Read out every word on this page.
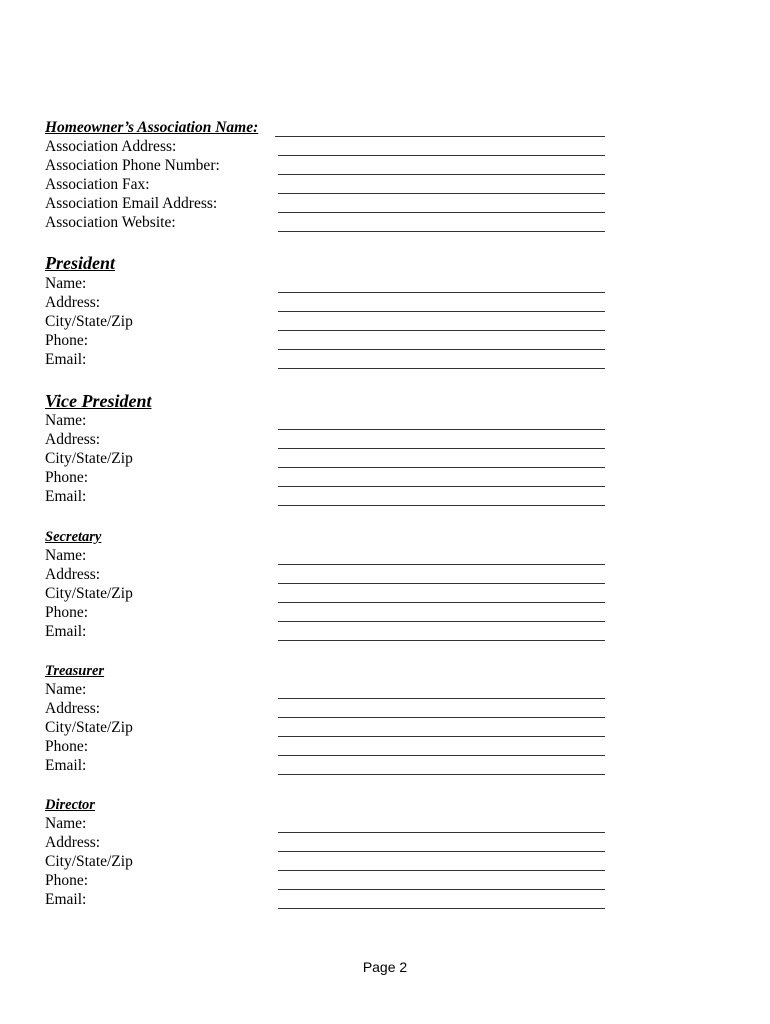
Homeowner’s Association Name:
Association Address:
Association Phone Number:
Association Fax:
Association Email Address:
Association Website:
President
Name:
Address:
City/State/Zip
Phone:
Email:
Vice President
Name:
Address:
City/State/Zip
Phone:
Email:
Secretary
Name:
Address:
City/State/Zip
Phone:
Email:
Treasurer
Name:
Address:
City/State/Zip
Phone:
Email:
Director
Name:
Address:
City/State/Zip
Phone:
Email:
Page 2
